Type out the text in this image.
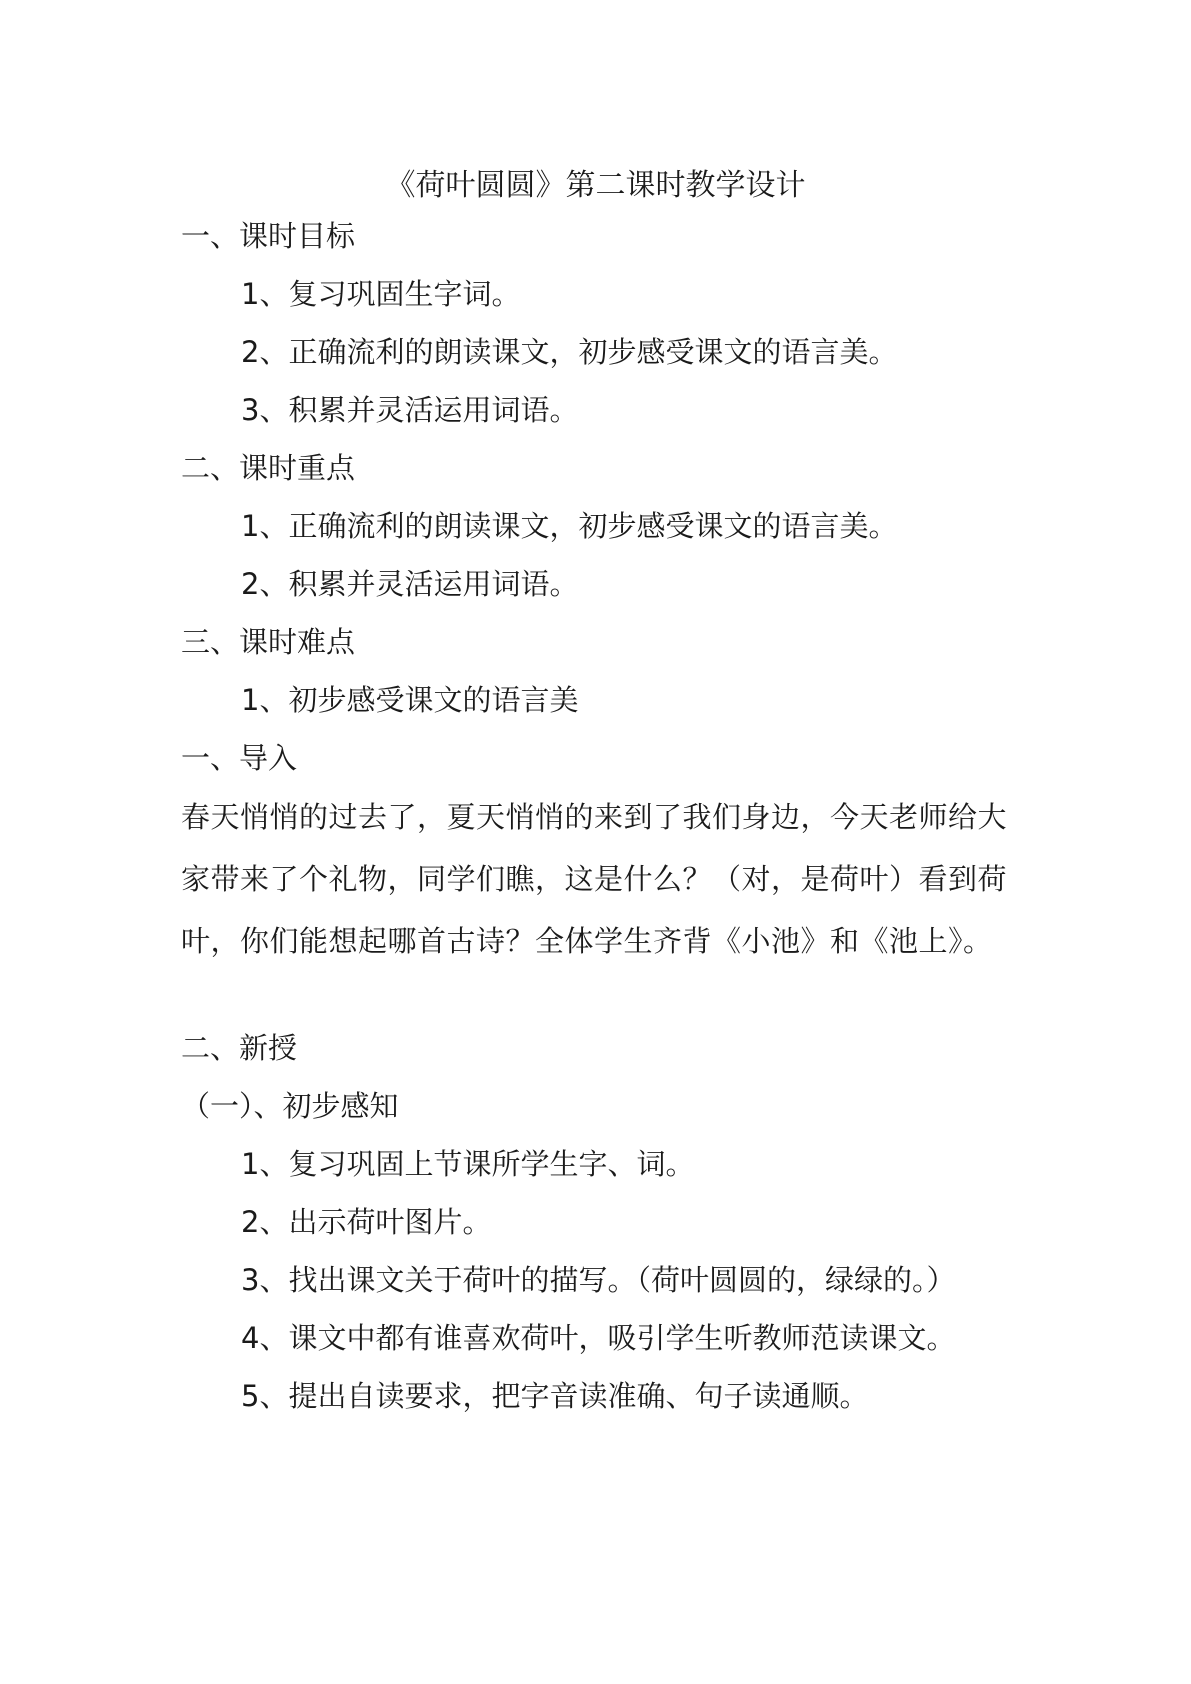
《荷叶圆圆》第二课时教学设计
一、课时目标
1、复习巩固生字词。
2、正确流利的朗读课文，初步感受课文的语言美。
3、积累并灵活运用词语。
二、课时重点
1、正确流利的朗读课文，初步感受课文的语言美。
2、积累并灵活运用词语。
三、课时难点
1、初步感受课文的语言美
一、导入
春天悄悄的过去了，夏天悄悄的来到了我们身边，今天老师给大家带来了个礼物，同学们瞧，这是什么？（对，是荷叶）看到荷叶，你们能想起哪首古诗？全体学生齐背《小池》和《池上》。
二、新授
（一）、初步感知
1、复习巩固上节课所学生字、词。
2、出示荷叶图片。
3、找出课文关于荷叶的描写。（荷叶圆圆的，绿绿的。）
4、课文中都有谁喜欢荷叶，吸引学生听教师范读课文。
5、提出自读要求，把字音读准确、句子读通顺。
